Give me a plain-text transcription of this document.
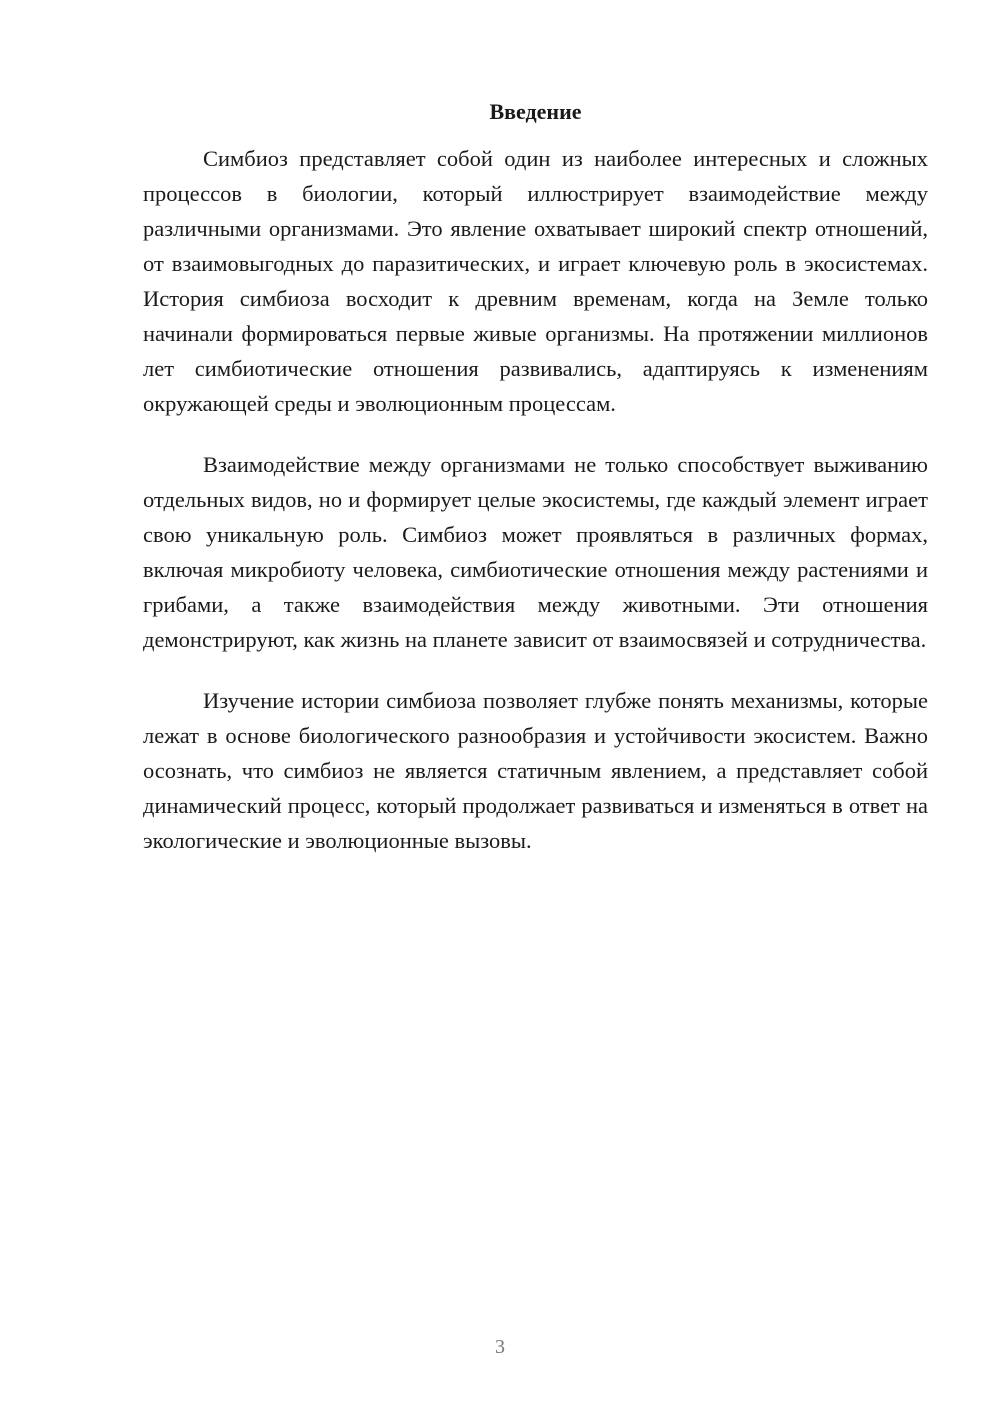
Введение

Симбиоз представляет собой один из наиболее интересных и сложных процессов в биологии, который иллюстрирует взаимодействие между различными организмами. Это явление охватывает широкий спектр отношений, от взаимовыгодных до паразитических, и играет ключевую роль в экосистемах. История симбиоза восходит к древним временам, когда на Земле только начинали формироваться первые живые организмы. На протяжении миллионов лет симбиотические отношения развивались, адаптируясь к изменениям окружающей среды и эволюционным процессам.

Взаимодействие между организмами не только способствует выживанию отдельных видов, но и формирует целые экосистемы, где каждый элемент играет свою уникальную роль. Симбиоз может проявляться в различных формах, включая микробиоту человека, симбиотические отношения между растениями и грибами, а также взаимодействия между животными. Эти отношения демонстрируют, как жизнь на планете зависит от взаимосвязей и сотрудничества.

Изучение истории симбиоза позволяет глубже понять механизмы, которые лежат в основе биологического разнообразия и устойчивости экосистем. Важно осознать, что симбиоз не является статичным явлением, а представляет собой динамический процесс, который продолжает развиваться и изменяться в ответ на экологические и эволюционные вызовы.

3
